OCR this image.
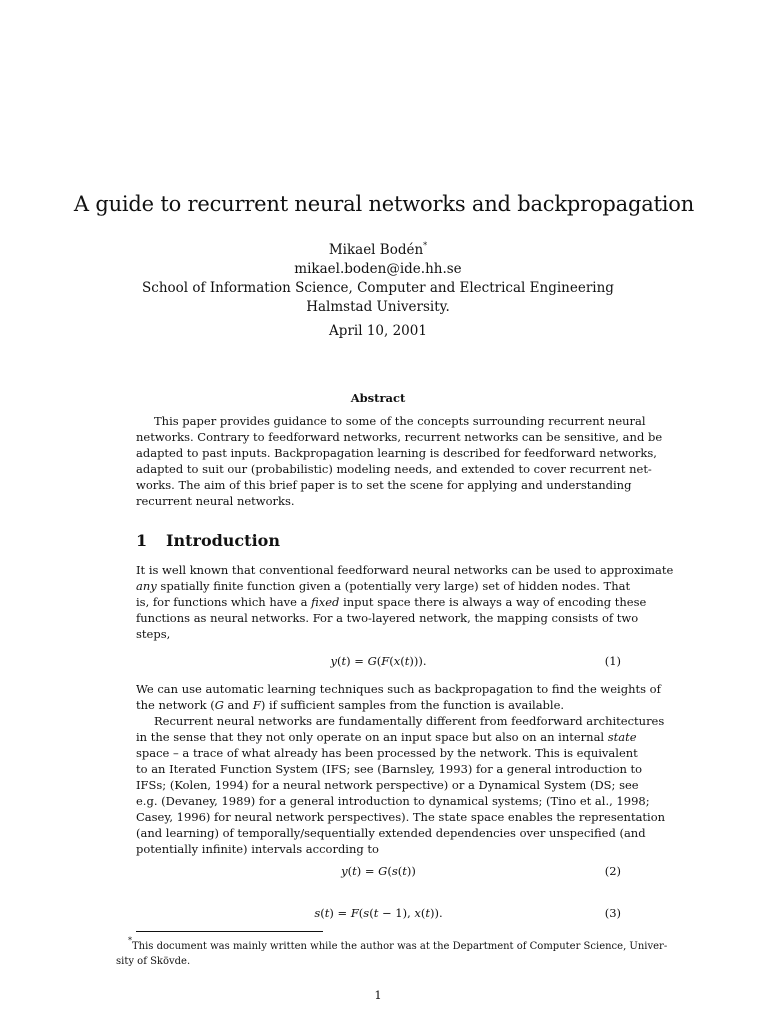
A guide to recurrent neural networks and backpropagation
Mikael Bodén*
mikael.boden@ide.hh.se
School of Information Science, Computer and Electrical Engineering
Halmstad University.
April 10, 2001
Abstract
This paper provides guidance to some of the concepts surrounding recurrent neural
networks. Contrary to feedforward networks, recurrent networks can be sensitive, and be
adapted to past inputs. Backpropagation learning is described for feedforward networks,
adapted to suit our (probabilistic) modeling needs, and extended to cover recurrent net-
works. The aim of this brief paper is to set the scene for applying and understanding
recurrent neural networks.
1 Introduction
It is well known that conventional feedforward neural networks can be used to approximate
any spatially finite function given a (potentially very large) set of hidden nodes. That
is, for functions which have a fixed input space there is always a way of encoding these
functions as neural networks. For a two-layered network, the mapping consists of two
steps,
y(t) = G(F(x(t))).	(1)
We can use automatic learning techniques such as backpropagation to find the weights of
the network (G and F) if sufficient samples from the function is available.
Recurrent neural networks are fundamentally different from feedforward architectures
in the sense that they not only operate on an input space but also on an internal state
space – a trace of what already has been processed by the network. This is equivalent
to an Iterated Function System (IFS; see (Barnsley, 1993) for a general introduction to
IFSs; (Kolen, 1994) for a neural network perspective) or a Dynamical System (DS; see
e.g. (Devaney, 1989) for a general introduction to dynamical systems; (Tino et al., 1998;
Casey, 1996) for neural network perspectives). The state space enables the representation
(and learning) of temporally/sequentially extended dependencies over unspecified (and
potentially infinite) intervals according to
y(t) = G(s(t))	(2)
s(t) = F(s(t − 1), x(t)).	(3)
*This document was mainly written while the author was at the Department of Computer Science, Univer-
sity of Skövde.
1
